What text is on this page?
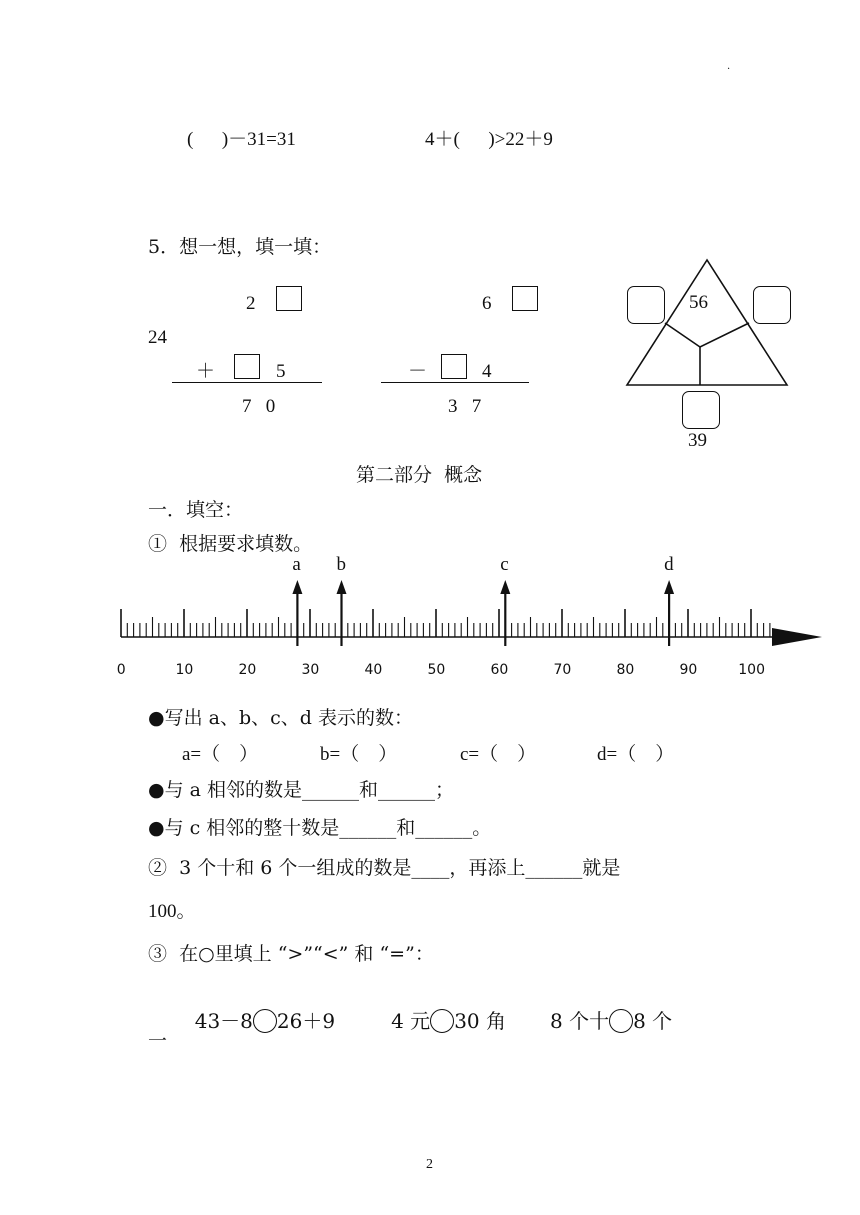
.
(      )－31=31	4＋(      )>22＋9
5．想一想，填一填：
2
24
＋	5
7   0
6
－	4
3   7
56
39
第二部分  概念
一．填空：
①  根据要求填数。
a b	c	d
0	10	20	30	40	50	60	70	80	90	100
●写出 a、b、c、d 表示的数：
a=（    ）	b=（    ）	c=（    ）	d=（    ）
●与 a 相邻的数是______和______；
●与 c 相邻的整十数是______和______。
②  3 个十和 6 个一组成的数是____，再添上______就是
100。
③  在○里填上 “>”“<” 和 “=”：

43－8 26＋9	4 元 30 角 8 个十 8 个

一
2
